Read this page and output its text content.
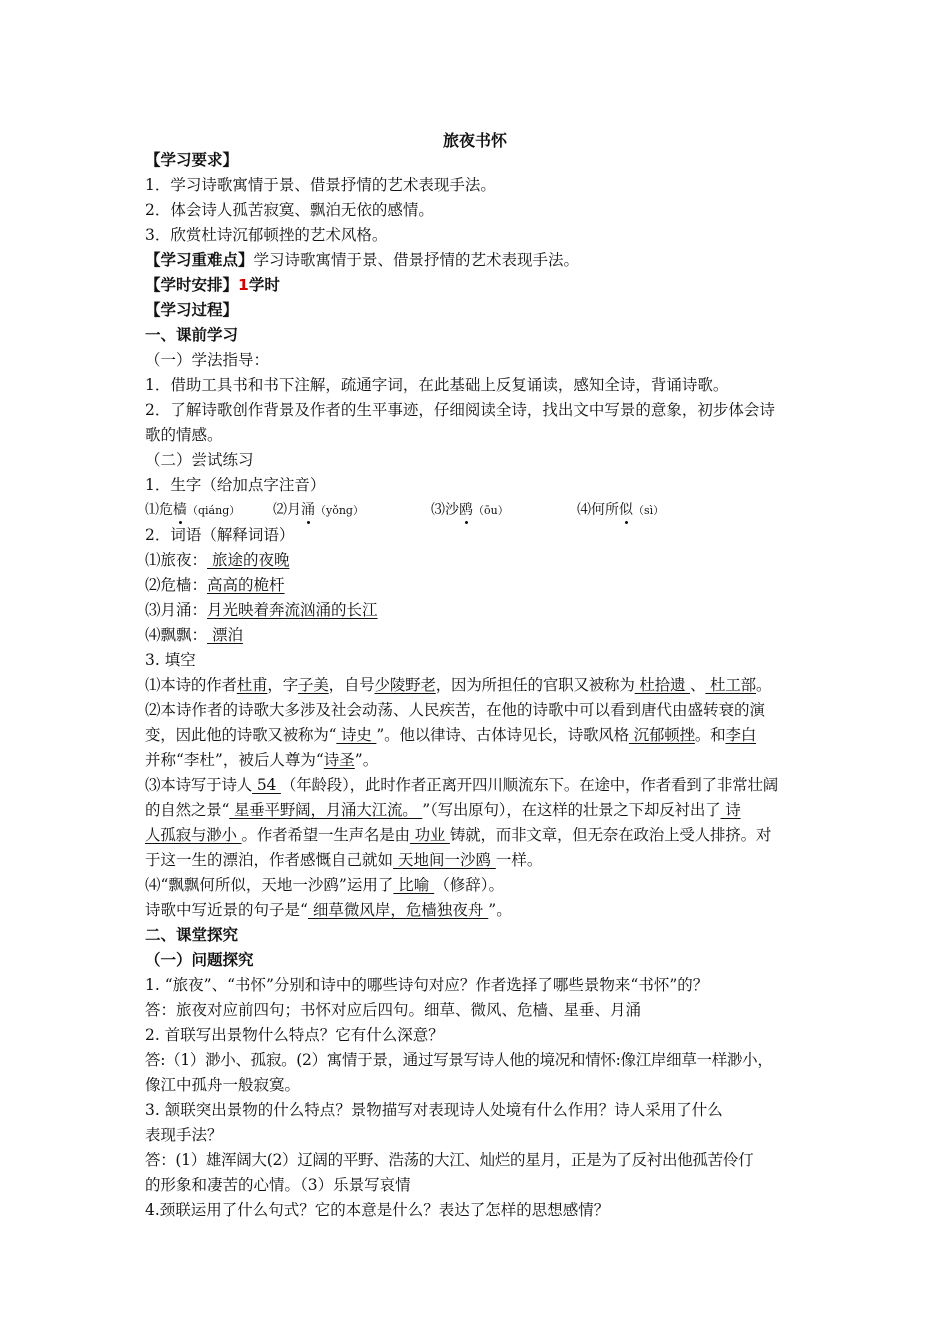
旅夜书怀
【学习要求】
1．学习诗歌寓情于景、借景抒情的艺术表现手法。
2．体会诗人孤苦寂寞、飘泊无依的感情。
3．欣赏杜诗沉郁顿挫的艺术风格。
【学习重难点】学习诗歌寓情于景、借景抒情的艺术表现手法。
【学时安排】1学时
【学习过程】
一、课前学习
（一）学法指导：
1．借助工具书和书下注解，疏通字词，在此基础上反复诵读，感知全诗，背诵诗歌。
2．了解诗歌创作背景及作者的生平事迹，仔细阅读全诗，找出文中写景的意象，初步体会诗
歌的情感。
（二）尝试练习
1．生字（给加点字注音）
⑴危樯（qiáng） ⑵月涌（yǒng）	⑶沙鸥（ōu）	⑷何所似（sì）
2．词语（解释词语）
⑴旅夜： 旅途的夜晚
⑵危樯：高高的桅杆
⑶月涌：月光映着奔流汹涌的长江
⑷飘飘： 漂泊
3. 填空
⑴本诗的作者杜甫，字子美，自号少陵野老，因为所担任的官职又被称为 杜拾遗 、 杜工部。
⑵本诗作者的诗歌大多涉及社会动荡、人民疾苦，在他的诗歌中可以看到唐代由盛转衰的演
变，因此他的诗歌又被称为“ 诗史 ”。他以律诗、古体诗见长，诗歌风格 沉郁顿挫。和李白
并称“李杜”，被后人尊为“诗圣”。
⑶本诗写于诗人 54 （年龄段），此时作者正离开四川顺流东下。在途中，作者看到了非常壮阔
的自然之景“ 星垂平野阔，月涌大江流。 ”（写出原句），在这样的壮景之下却反衬出了 诗
人孤寂与渺小 。作者希望一生声名是由 功业 铸就，而非文章，但无奈在政治上受人排挤。对
于这一生的漂泊，作者感慨自己就如 天地间一沙鸥 一样。
⑷“飘飘何所似，天地一沙鸥”运用了 比喻 （修辞）。
诗歌中写近景的句子是“ 细草微风岸，危樯独夜舟 ”。
二、课堂探究
（一）问题探究
1. “旅夜”、“书怀”分别和诗中的哪些诗句对应？作者选择了哪些景物来“书怀”的？
答：旅夜对应前四句；书怀对应后四句。细草、微风、危樯、星垂、月涌
2. 首联写出景物什么特点？它有什么深意？
答:（1）渺小、孤寂。(2）寓情于景，通过写景写诗人他的境况和情怀:像江岸细草一样渺小，
像江中孤舟一般寂寞。
3. 颔联突出景物的什么特点？景物描写对表现诗人处境有什么作用？诗人采用了什么
表现手法？
答：(1）雄浑阔大(2）辽阔的平野、浩荡的大江、灿烂的星月，正是为了反衬出他孤苦伶仃
的形象和凄苦的心情。（3）乐景写哀情
4.颈联运用了什么句式？它的本意是什么？表达了怎样的思想感情？
